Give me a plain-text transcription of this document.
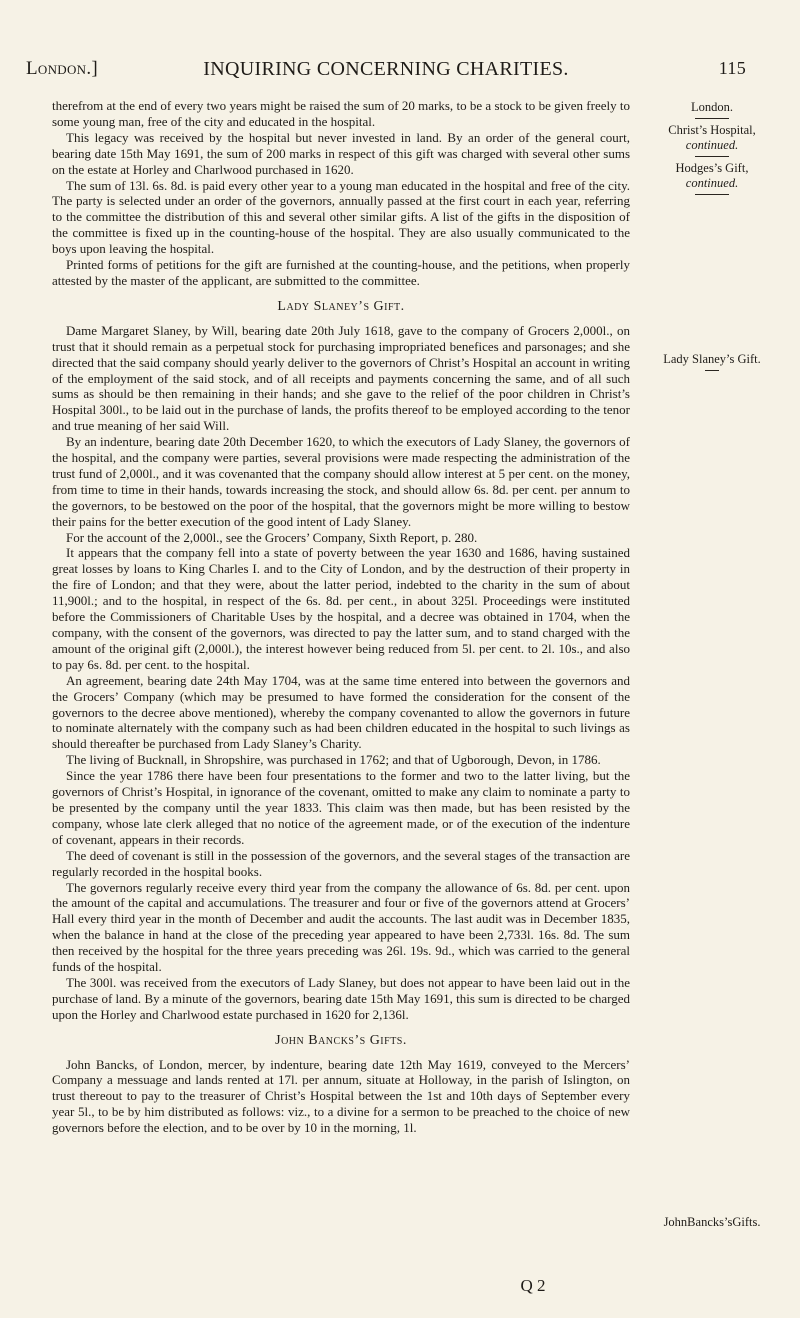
London.]	INQUIRING CONCERNING CHARITIES.	115
London.
Christ’s Hospital,
continued.
Hodges’s Gift,
continued.
Lady Slaney’s Gift.
JohnBancks’sGifts.

therefrom at the end of every two years might be raised the sum of 20 marks, to be a stock to be given freely to some young man, free of the city and educated in the hospital.

This legacy was received by the hospital but never invested in land. By an order of the general court, bearing date 15th May 1691, the sum of 200 marks in respect of this gift was charged with several other sums on the estate at Horley and Charlwood purchased in 1620.

The sum of 13l. 6s. 8d. is paid every other year to a young man educated in the hospital and free of the city. The party is selected under an order of the governors, annually passed at the first court in each year, referring to the committee the distribution of this and several other similar gifts. A list of the gifts in the disposition of the committee is fixed up in the counting-house of the hospital. They are also usually communicated to the boys upon leaving the hospital.

Printed forms of petitions for the gift are furnished at the counting-house, and the petitions, when properly attested by the master of the applicant, are submitted to the committee.

Lady Slaney’s Gift.

Dame Margaret Slaney, by Will, bearing date 20th July 1618, gave to the company of Grocers 2,000l., on trust that it should remain as a perpetual stock for purchasing impropriated benefices and parsonages; and she directed that the said company should yearly deliver to the governors of Christ’s Hospital an account in writing of the employment of the said stock, and of all receipts and payments concerning the same, and of all such sums as should be then remaining in their hands; and she gave to the relief of the poor children in Christ’s Hospital 300l., to be laid out in the purchase of lands, the profits thereof to be employed according to the tenor and true meaning of her said Will.

By an indenture, bearing date 20th December 1620, to which the executors of Lady Slaney, the governors of the hospital, and the company were parties, several provisions were made respecting the administration of the trust fund of 2,000l., and it was covenanted that the company should allow interest at 5 per cent. on the money, from time to time in their hands, towards increasing the stock, and should allow 6s. 8d. per cent. per annum to the governors, to be bestowed on the poor of the hospital, that the governors might be more willing to bestow their pains for the better execution of the good intent of Lady Slaney.

For the account of the 2,000l., see the Grocers’ Company, Sixth Report, p. 280.

It appears that the company fell into a state of poverty between the year 1630 and 1686, having sustained great losses by loans to King Charles I. and to the City of London, and by the destruction of their property in the fire of London; and that they were, about the latter period, indebted to the charity in the sum of about 11,900l.; and to the hospital, in respect of the 6s. 8d. per cent., in about 325l. Proceedings were instituted before the Commissioners of Charitable Uses by the hospital, and a decree was obtained in 1704, when the company, with the consent of the governors, was directed to pay the latter sum, and to stand charged with the amount of the original gift (2,000l.), the interest however being reduced from 5l. per cent. to 2l. 10s., and also to pay 6s. 8d. per cent. to the hospital.

An agreement, bearing date 24th May 1704, was at the same time entered into between the governors and the Grocers’ Company (which may be presumed to have formed the consideration for the consent of the governors to the decree above mentioned), whereby the company covenanted to allow the governors in future to nominate alternately with the company such as had been children educated in the hospital to such livings as should thereafter be purchased from Lady Slaney’s Charity.

The living of Bucknall, in Shropshire, was purchased in 1762; and that of Ugborough, Devon, in 1786.

Since the year 1786 there have been four presentations to the former and two to the latter living, but the governors of Christ’s Hospital, in ignorance of the covenant, omitted to make any claim to nominate a party to be presented by the company until the year 1833. This claim was then made, but has been resisted by the company, whose late clerk alleged that no notice of the agreement made, or of the execution of the indenture of covenant, appears in their records.

The deed of covenant is still in the possession of the governors, and the several stages of the transaction are regularly recorded in the hospital books.

The governors regularly receive every third year from the company the allowance of 6s. 8d. per cent. upon the amount of the capital and accumulations. The treasurer and four or five of the governors attend at Grocers’ Hall every third year in the month of December and audit the accounts. The last audit was in December 1835, when the balance in hand at the close of the preceding year appeared to have been 2,733l. 16s. 8d. The sum then received by the hospital for the three years preceding was 26l. 19s. 9d., which was carried to the general funds of the hospital.

The 300l. was received from the executors of Lady Slaney, but does not appear to have been laid out in the purchase of land. By a minute of the governors, bearing date 15th May 1691, this sum is directed to be charged upon the Horley and Charlwood estate purchased in 1620 for 2,136l.

John Bancks’s Gifts.

John Bancks, of London, mercer, by indenture, bearing date 12th May 1619, conveyed to the Mercers’ Company a messuage and lands rented at 17l. per annum, situate at Holloway, in the parish of Islington, on trust thereout to pay to the treasurer of Christ’s Hospital between the 1st and 10th days of September every year 5l., to be by him distributed as follows: viz., to a divine for a sermon to be preached to the choice of new governors before the election, and to be over by 10 in the morning, 1l.

Q 2
